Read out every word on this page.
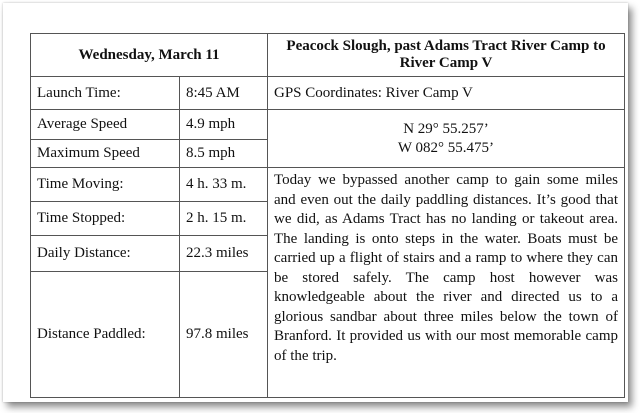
Wednesday, March 11		Peacock Slough, past Adams Tract River Camp to River Camp V
Launch Time:	8:45 AM	GPS Coordinates: River Camp V
Average Speed	4.9 mph	N 29° 55.257’
W 082° 55.475’

Maximum Speed	8.5 mph	
Time Moving:	4 h. 33 m.	Today we bypassed another camp to gain some miles and even out the daily paddling distances. It’s good that we did, as Adams Tract has no landing or takeout area. The landing is onto steps in the water. Boats must be carried up a flight of stairs and a ramp to where they can be stored safely. The camp host however was knowledgeable about the river and directed us to a glorious sandbar about three miles below the town of Branford. It provided us with our most memorable camp of the trip.
Time Stopped:	2 h. 15 m.	
Daily Distance:	22.3 miles	
Distance Paddled:	97.8 miles	
